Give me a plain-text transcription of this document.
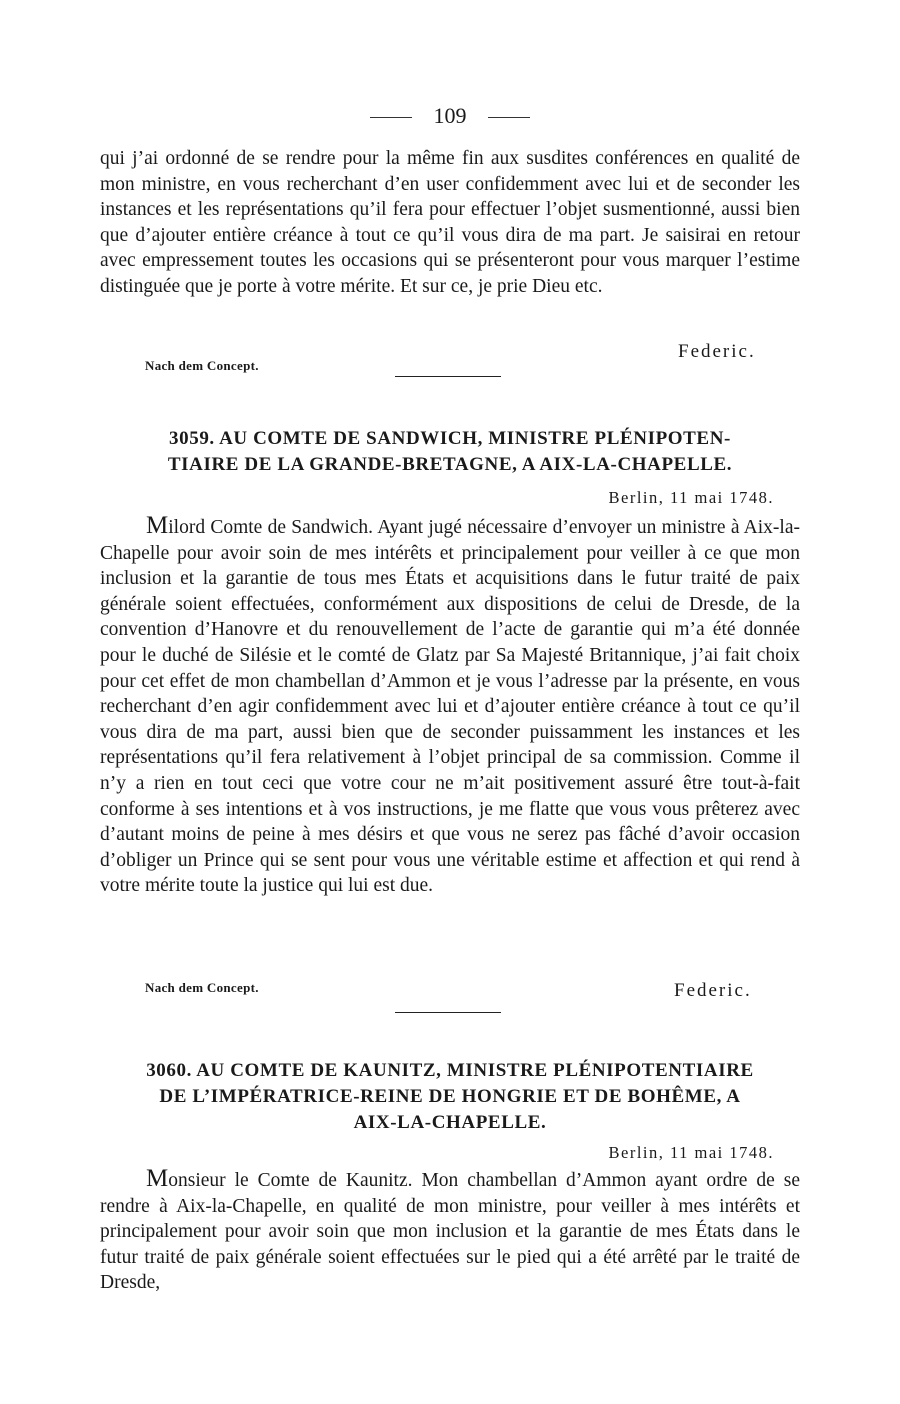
109

qui j’ai ordonné de se rendre pour la même fin aux susdites conférences en qualité de mon ministre, en vous recherchant d’en user confidemment avec lui et de seconder les instances et les représentations qu’il fera pour effectuer l’objet susmentionné, aussi bien que d’ajouter entière créance à tout ce qu’il vous dira de ma part. Je saisirai en retour avec empressement toutes les occasions qui se présenteront pour vous marquer l’estime distinguée que je porte à votre mérite. Et sur ce, je prie Dieu etc.

Federic.
Nach dem Concept.
3059. AU COMTE DE SANDWICH, MINISTRE PLÉNIPOTEN-
TIAIRE DE LA GRANDE-BRETAGNE, A AIX-LA-CHAPELLE.
Berlin, 11 mai 1748.

Milord Comte de Sandwich. Ayant jugé nécessaire d’envoyer un ministre à Aix-la-Chapelle pour avoir soin de mes intérêts et principalement pour veiller à ce que mon inclusion et la garantie de tous mes États et acquisitions dans le futur traité de paix générale soient effectuées, conformément aux dispositions de celui de Dresde, de la convention d’Hanovre et du renouvellement de l’acte de garantie qui m’a été donnée pour le duché de Silésie et le comté de Glatz par Sa Majesté Britannique, j’ai fait choix pour cet effet de mon chambellan d’Ammon et je vous l’adresse par la présente, en vous recherchant d’en agir confidemment avec lui et d’ajouter entière créance à tout ce qu’il vous dira de ma part, aussi bien que de seconder puissamment les instances et les représentations qu’il fera relativement à l’objet principal de sa commission. Comme il n’y a rien en tout ceci que votre cour ne m’ait positivement assuré être tout-à-fait conforme à ses intentions et à vos instructions, je me flatte que vous vous prêterez avec d’autant moins de peine à mes désirs et que vous ne serez pas fâché d’avoir occasion d’obliger un Prince qui se sent pour vous une véritable estime et affection et qui rend à votre mérite toute la justice qui lui est due.

Nach dem Concept.	Federic.
3060. AU COMTE DE KAUNITZ, MINISTRE PLÉNIPOTENTIAIRE
DE L’IMPÉRATRICE-REINE DE HONGRIE ET DE BOHÊME, A
AIX-LA-CHAPELLE.
Berlin, 11 mai 1748.

Monsieur le Comte de Kaunitz. Mon chambellan d’Ammon ayant ordre de se rendre à Aix-la-Chapelle, en qualité de mon ministre, pour veiller à mes intérêts et principalement pour avoir soin que mon inclusion et la garantie de mes États dans le futur traité de paix générale soient effectuées sur le pied qui a été arrêté par le traité de Dresde,
